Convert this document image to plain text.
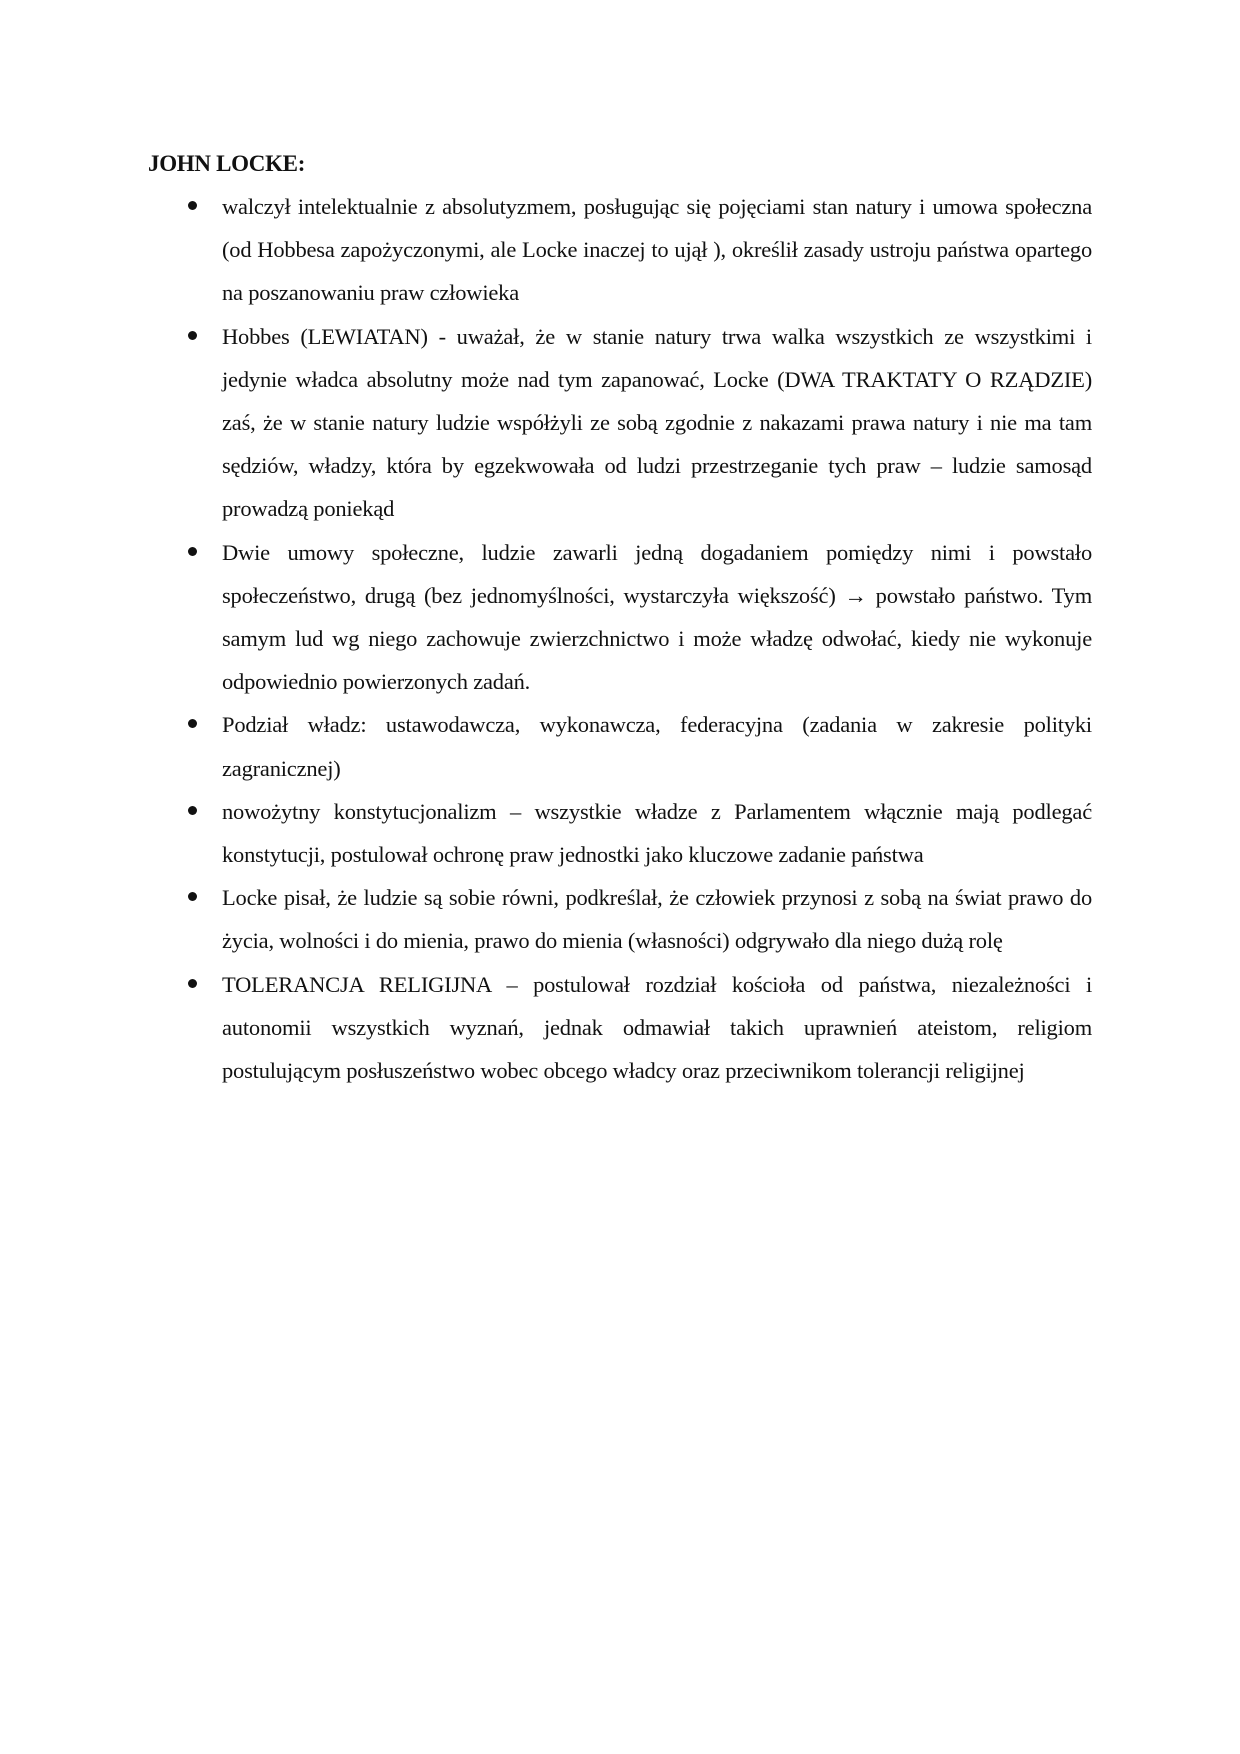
JOHN LOCKE:
walczył intelektualnie z absolutyzmem, posługując się pojęciami stan natury i umowa społeczna (od Hobbesa zapożyczonymi, ale Locke inaczej to ujął ), określił zasady ustroju państwa opartego na poszanowaniu praw człowieka
Hobbes (LEWIATAN) - uważał, że w stanie natury trwa walka wszystkich ze wszystkimi i jedynie władca absolutny może nad tym zapanować, Locke (DWA TRAKTATY O RZĄDZIE) zaś, że w stanie natury ludzie współżyli ze sobą zgodnie z nakazami prawa natury i nie ma tam sędziów, władzy, która by egzekwowała od ludzi przestrzeganie tych praw – ludzie samosąd prowadzą poniekąd
Dwie umowy społeczne, ludzie zawarli jedną dogadaniem pomiędzy nimi i powstało społeczeństwo, drugą (bez jednomyślności, wystarczyła większość) → powstało państwo. Tym samym lud wg niego zachowuje zwierzchnictwo i może władzę odwołać, kiedy nie wykonuje odpowiednio powierzonych zadań.
Podział władz: ustawodawcza, wykonawcza, federacyjna (zadania w zakresie polityki zagranicznej)
nowożytny konstytucjonalizm – wszystkie władze z Parlamentem włącznie mają podlegać konstytucji, postulował ochronę praw jednostki jako kluczowe zadanie państwa
Locke pisał, że ludzie są sobie równi, podkreślał, że człowiek przynosi z sobą na świat prawo do życia, wolności i do mienia, prawo do mienia (własności) odgrywało dla niego dużą rolę
TOLERANCJA RELIGIJNA – postulował rozdział kościoła od państwa, niezależności i autonomii wszystkich wyznań, jednak odmawiał takich uprawnień ateistom, religiom postulującym posłuszeństwo wobec obcego władcy oraz przeciwnikom tolerancji religijnej
